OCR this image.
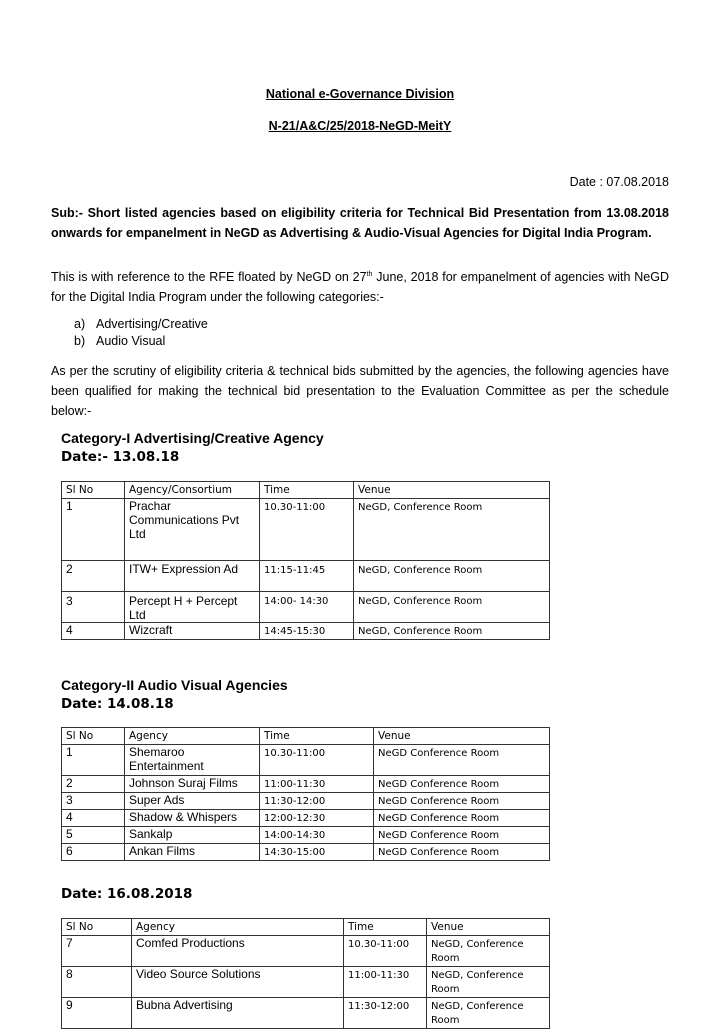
National e-Governance Division
N-21/A&C/25/2018-NeGD-MeitY
Date : 07.08.2018
Sub:- Short listed agencies based on eligibility criteria for Technical Bid Presentation from 13.08.2018 onwards for empanelment in NeGD as Advertising & Audio-Visual Agencies for Digital India Program.
This is with reference to the RFE floated by NeGD on 27th June, 2018 for empanelment of agencies with NeGD for the Digital India Program under the following categories:-
a) Advertising/Creative
b) Audio Visual
As per the scrutiny of eligibility criteria & technical bids submitted by the agencies, the following agencies have been qualified for making the technical bid presentation to the Evaluation Committee as per the schedule below:-
Category-I Advertising/Creative Agency
Date:- 13.08.18
Sl No	Agency/Consortium	Time	Venue
1	Prachar Communications Pvt Ltd	10.30-11:00	NeGD, Conference Room
2	ITW+ Expression Ad	11:15-11:45	NeGD, Conference Room
3	Percept H + Percept Ltd	14:00- 14:30	NeGD, Conference Room
4	Wizcraft	14:45-15:30	NeGD, Conference Room
Category-II Audio Visual Agencies
Date: 14.08.18
Sl No	Agency	Time	Venue
1	Shemaroo Entertainment	10.30-11:00	NeGD Conference Room
2	Johnson Suraj Films	11:00-11:30	NeGD Conference Room
3	Super Ads	11:30-12:00	NeGD Conference Room
4	Shadow & Whispers	12:00-12:30	NeGD Conference Room
5	Sankalp	14:00-14:30	NeGD Conference Room
6	Ankan Films	14:30-15:00	NeGD Conference Room
Date: 16.08.2018
Sl No	Agency	Time	Venue
7	Comfed Productions	10.30-11:00	NeGD, Conference Room
8	Video Source Solutions	11:00-11:30	NeGD, Conference Room
9	Bubna Advertising	11:30-12:00	NeGD, Conference Room
